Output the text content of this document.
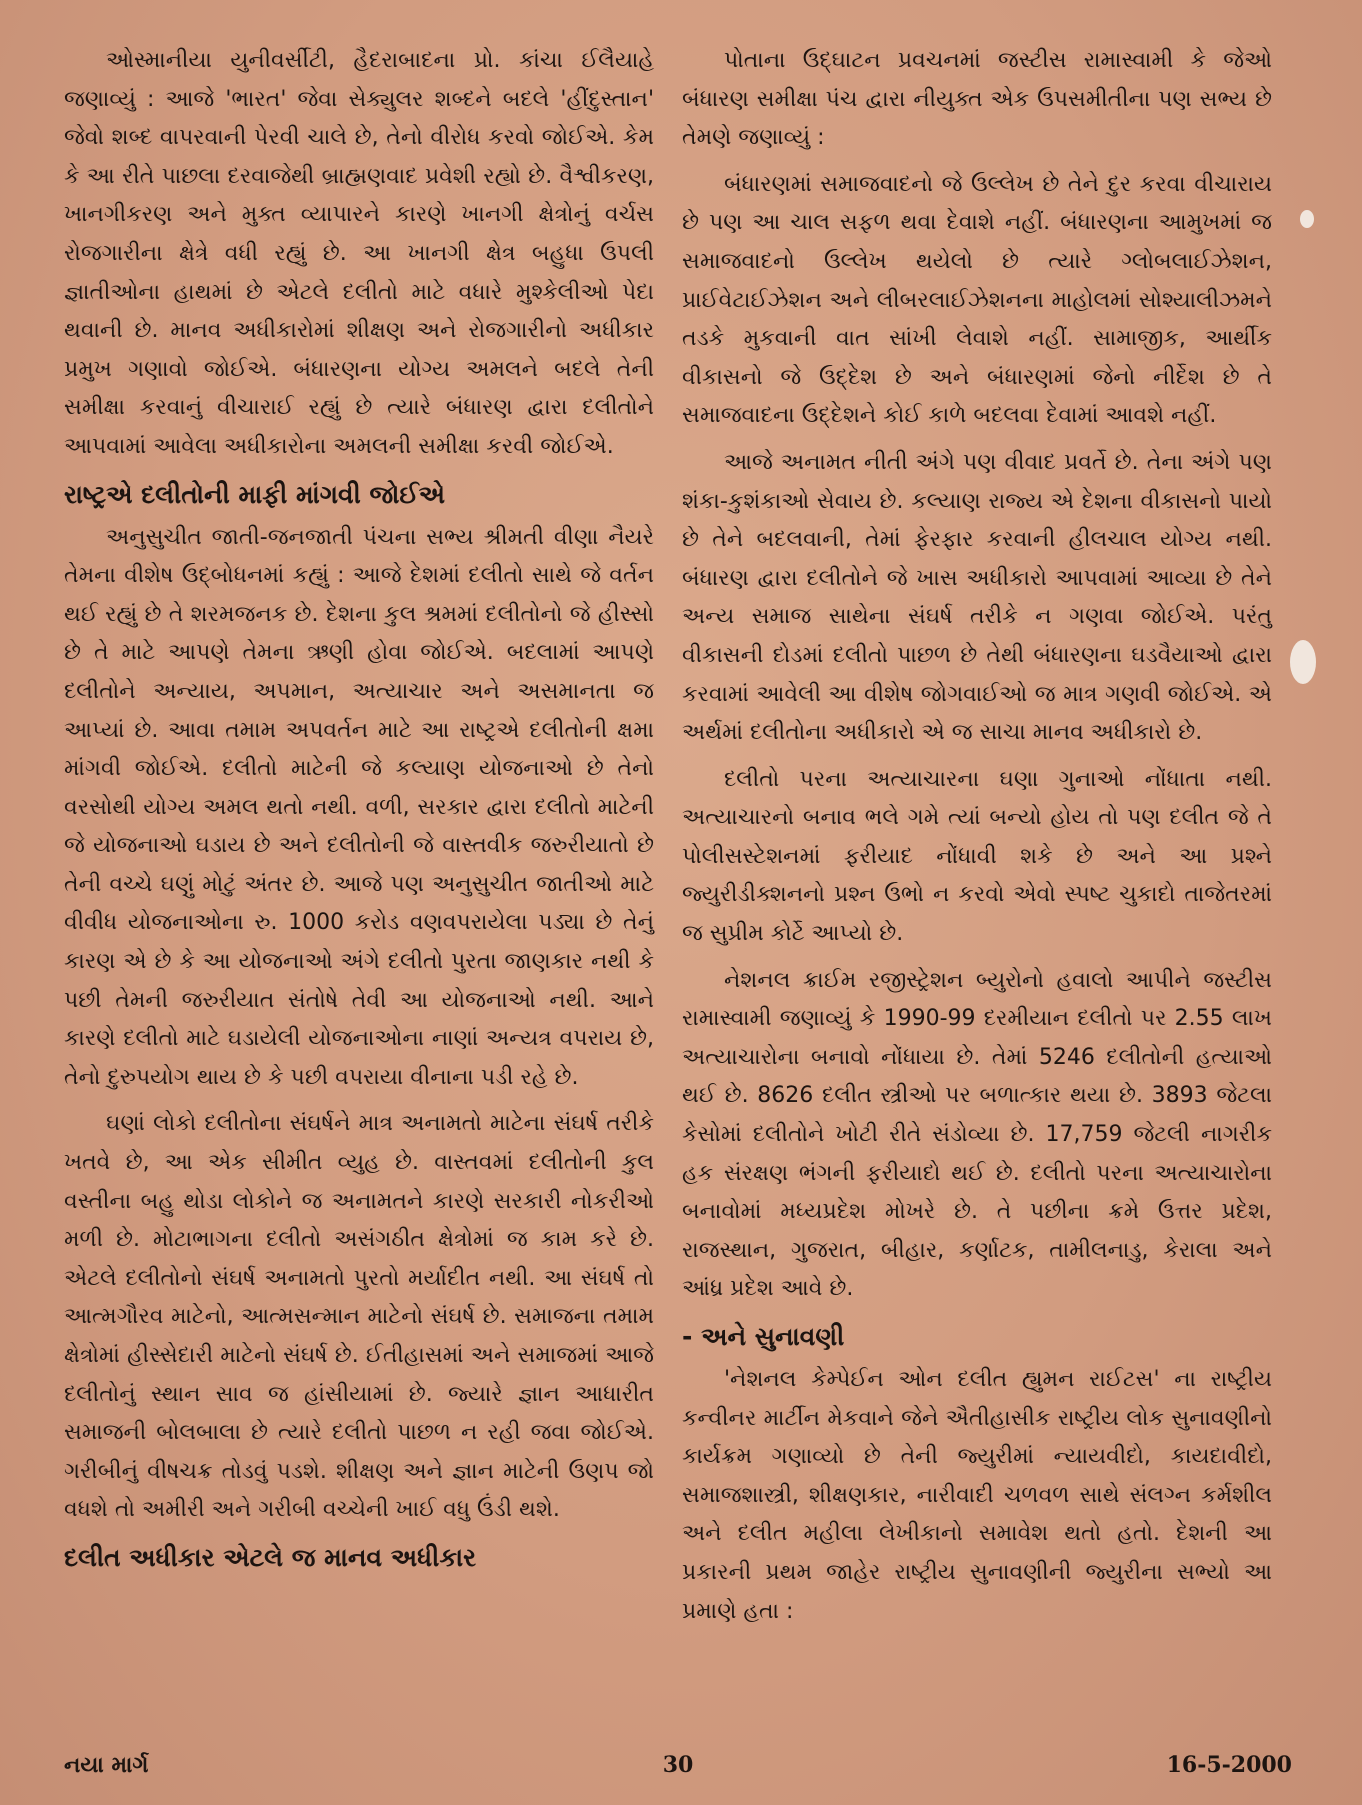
ઓસ્માનીયા યુનીવર્સીટી, હૈદરાબાદના પ્રો. કાંચા ઈલૈયાહે જણાવ્યું : આજે 'ભારત' જેવા સેક્યુલર શબ્દને બદલે 'હીંદુસ્તાન' જેવો શબ્દ વાપરવાની પેરવી ચાલે છે, તેનો વીરોધ કરવો જોઈએ. કેમ કે આ રીતે પાછલા દરવાજેથી બ્રાહ્મણવાદ પ્રવેશી રહ્યો છે. વૈશ્વીકરણ, ખાનગીકરણ અને મુક્ત વ્યાપારને કારણે ખાનગી ક્ષેત્રોનું વર્ચસ રોજગારીના ક્ષેત્રે વધી રહ્યું છે. આ ખાનગી ક્ષેત્ર બહુધા ઉપલી જ્ઞાતીઓના હાથમાં છે એટલે દલીતો માટે વધારે મુશ્કેલીઓ પેદા થવાની છે. માનવ અધીકારોમાં શીક્ષણ અને રોજગારીનો અધીકાર પ્રમુખ ગણાવો જોઈએ. બંધારણના યોગ્ય અમલને બદલે તેની સમીક્ષા કરવાનું વીચારાઈ રહ્યું છે ત્યારે બંધારણ દ્વારા દલીતોને આપવામાં આવેલા અધીકારોના અમલની સમીક્ષા કરવી જોઈએ.

રાષ્ટ્રએ દલીતોની માફી માંગવી જોઈએ

અનુસુચીત જાતી-જનજાતી પંચના સભ્ય શ્રીમતી વીણા નૈયરે તેમના વીશેષ ઉદ્‌બોધનમાં કહ્યું : આજે દેશમાં દલીતો સાથે જે વર્તન થઈ રહ્યું છે તે શરમજનક છે. દેશના કુલ શ્રમમાં દલીતોનો જે હીસ્સો છે તે માટે આપણે તેમના ઋણી હોવા જોઈએ. બદલામાં આપણે દલીતોને અન્યાય, અપમાન, અત્યાચાર અને અસમાનતા જ આપ્યાં છે. આવા તમામ અપવર્તન માટે આ રાષ્ટ્રએ દલીતોની ક્ષમા માંગવી જોઈએ. દલીતો માટેની જે કલ્યાણ યોજનાઓ છે તેનો વરસોથી યોગ્ય અમલ થતો નથી. વળી, સરકાર દ્વારા દલીતો માટેની જે યોજનાઓ ઘડાય છે અને દલીતોની જે વાસ્તવીક જરુરીયાતો છે તેની વચ્ચે ઘણું મોટું અંતર છે. આજે પણ અનુસુચીત જાતીઓ માટે વીવીધ યોજનાઓના રુ. 1000 કરોડ વણવપરાયેલા પડ્યા છે તેનું કારણ એ છે કે આ યોજનાઓ અંગે દલીતો પુરતા જાણકાર નથી કે પછી તેમની જરુરીયાત સંતોષે તેવી આ યોજનાઓ નથી. આને કારણે દલીતો માટે ઘડાયેલી યોજનાઓના નાણાં અન્યત્ર વપરાય છે, તેનો દુરુપયોગ થાય છે કે પછી વપરાયા વીનાના પડી રહે છે.

ઘણાં લોકો દલીતોના સંઘર્ષને માત્ર અનામતો માટેના સંઘર્ષ તરીકે ખતવે છે, આ એક સીમીત વ્યુહ છે. વાસ્તવમાં દલીતોની કુલ વસ્તીના બહુ થોડા લોકોને જ અનામતને કારણે સરકારી નોકરીઓ મળી છે. મોટાભાગના દલીતો અસંગઠીત ક્ષેત્રોમાં જ કામ કરે છે. એટલે દલીતોનો સંઘર્ષ અનામતો પુરતો મર્યાદીત નથી. આ સંઘર્ષ તો આત્મગૌરવ માટેનો, આત્મસન્માન માટેનો સંઘર્ષ છે. સમાજના તમામ ક્ષેત્રોમાં હીસ્સેદારી માટેનો સંઘર્ષ છે. ઈતીહાસમાં અને સમાજમાં આજે દલીતોનું સ્થાન સાવ જ હાંસીયામાં છે. જ્યારે જ્ઞાન આધારીત સમાજની બોલબાલા છે ત્યારે દલીતો પાછળ ન રહી જવા જોઈએ. ગરીબીનું વીષચક્ર તોડવું પડશે. શીક્ષણ અને જ્ઞાન માટેની ઉણપ જો વધશે તો અમીરી અને ગરીબી વચ્ચેની ખાઈ વધુ ઉંડી થશે.

દલીત અધીકાર એટલે જ માનવ અધીકાર

પોતાના ઉદ્‌ઘાટન પ્રવચનમાં જસ્ટીસ રામાસ્વામી કે જેઓ બંધારણ સમીક્ષા પંચ દ્વારા નીયુક્ત એક ઉપસમીતીના પણ સભ્ય છે તેમણે જણાવ્યું :

બંધારણમાં સમાજવાદનો જે ઉલ્લેખ છે તેને દુર કરવા વીચારાય છે પણ આ ચાલ સફળ થવા દેવાશે નહીં. બંધારણના આમુખમાં જ સમાજવાદનો ઉલ્લેખ થયેલો છે ત્યારે ગ્લોબલાઈઝેશન, પ્રાઈવેટાઈઝેશન અને લીબરલાઈઝેશનના માહોલમાં સોશ્યાલીઝમને તડકે મુકવાની વાત સાંખી લેવાશે નહીં. સામાજીક, આર્થીક વીકાસનો જે ઉદ્દેશ છે અને બંધારણમાં જેનો નીર્દેશ છે તે સમાજવાદના ઉદ્દેશને કોઈ કાળે બદલવા દેવામાં આવશે નહીં.

આજે અનામત નીતી અંગે પણ વીવાદ પ્રવર્તે છે. તેના અંગે પણ શંકા-કુશંકાઓ સેવાય છે. કલ્યાણ રાજ્ય એ દેશના વીકાસનો પાયો છે તેને બદલવાની, તેમાં ફેરફાર કરવાની હીલચાલ યોગ્ય નથી. બંધારણ દ્વારા દલીતોને જે ખાસ અધીકારો આપવામાં આવ્યા છે તેને અન્ય સમાજ સાથેના સંઘર્ષ તરીકે ન ગણવા જોઈએ. પરંતુ વીકાસની દોડમાં દલીતો પાછળ છે તેથી બંધારણના ઘડવૈયાઓ દ્વારા કરવામાં આવેલી આ વીશેષ જોગવાઈઓ જ માત્ર ગણવી જોઈએ. એ અર્થમાં દલીતોના અધીકારો એ જ સાચા માનવ અધીકારો છે.

દલીતો પરના અત્યાચારના ઘણા ગુનાઓ નોંધાતા નથી. અત્યાચારનો બનાવ ભલે ગમે ત્યાં બન્યો હોય તો પણ દલીત જે તે પોલીસસ્ટેશનમાં ફરીયાદ નોંધાવી શકે છે અને આ પ્રશ્ને જ્યુરીડીક્શનનો પ્રશ્ન ઉભો ન કરવો એવો સ્પષ્ટ ચુકાદો તાજેતરમાં જ સુપ્રીમ કોર્ટે આપ્યો છે.

નેશનલ ક્રાઈમ રજીસ્ટ્રેશન બ્યુરોનો હવાલો આપીને જસ્ટીસ રામાસ્વામી જણાવ્યું કે 1990-99 દરમીયાન દલીતો પર 2.55 લાખ અત્યાચારોના બનાવો નોંધાયા છે. તેમાં 5246 દલીતોની હત્યાઓ થઈ છે. 8626 દલીત સ્ત્રીઓ પર બળાત્કાર થયા છે. 3893 જેટલા કેસોમાં દલીતોને ખોટી રીતે સંડોવ્યા છે. 17,759 જેટલી નાગરીક હક સંરક્ષણ ભંગની ફરીયાદો થઈ છે. દલીતો પરના અત્યાચારોના બનાવોમાં મધ્યપ્રદેશ મોખરે છે. તે પછીના ક્રમે ઉત્તર પ્રદેશ, રાજસ્થાન, ગુજરાત, બીહાર, કર્ણાટક, તામીલનાડુ, કેરાલા અને આંધ્ર પ્રદેશ આવે છે.

- અને સુનાવણી

'નેશનલ કેમ્પેઈન ઓન દલીત હ્યુમન રાઈટસ' ના રાષ્ટ્રીય કન્વીનર માર્ટીન મેકવાને જેને ઐતીહાસીક રાષ્ટ્રીય લોક સુનાવણીનો કાર્યક્રમ ગણાવ્યો છે તેની જ્યુરીમાં ન્યાયવીદો, કાયદાવીદો, સમાજશાસ્ત્રી, શીક્ષણકાર, નારીવાદી ચળવળ સાથે સંલગ્ન કર્મશીલ અને દલીત મહીલા લેખીકાનો સમાવેશ થતો હતો. દેશની આ પ્રકારની પ્રથમ જાહેર રાષ્ટ્રીય સુનાવણીની જ્યુરીના સભ્યો આ પ્રમાણે હતા :

નયા માર્ગ	30	16-5-2000
